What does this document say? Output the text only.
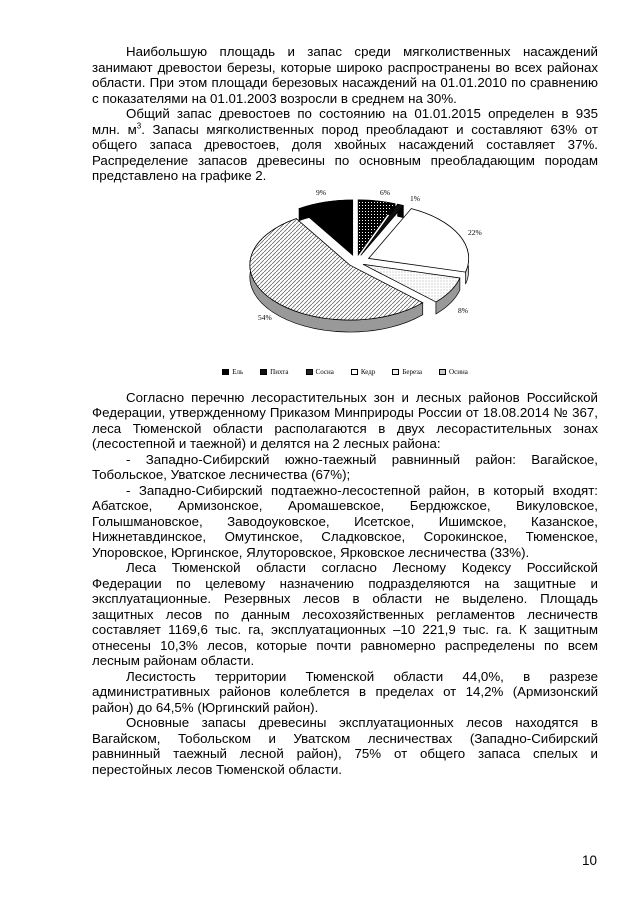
Наибольшую площадь и запас среди мягколиственных насаждений занимают древостои березы, которые широко распространены во всех районах области. При этом площади березовых насаждений на 01.01.2010 по сравнению с показателями на 01.01.2003 возросли в среднем на 30%.

Общий запас древостоев по состоянию на 01.01.2015 определен в 935 млн. $м^3$. Запасы мягколиственных пород преобладают и составляют 63% от общего запаса древостоев, доля хвойных насаждений составляет 37%. Распределение запасов древесины по основным преобладающим породам представлено на графике 2.

9%	6%
1%
22%
8%
54%
Ель	Пихта	Сосна	Кедр	Береза	Осина

Согласно перечню лесорастительных зон и лесных районов Российской Федерации, утвержденному Приказом Минприроды России от 18.08.2014 № 367, леса Тюменской области располагаются в двух лесорастительных зонах (лесостепной и таежной) и делятся на 2 лесных района:

- Западно-Сибирский южно-таежный равнинный район: Вагайское, Тобольское, Уватское лесничества (67%);

- Западно-Сибирский подтаежно-лесостепной район, в который входят: Абатское, Армизонское, Аромашевское, Бердюжское, Викуловское, Голышмановское, Заводоуковское, Исетское, Ишимское, Казанское, Нижнетавдинское, Омутинское, Сладковское, Сорокинское, Тюменское, Упоровское, Юргинское, Ялуторовское, Ярковское лесничества (33%).

Леса Тюменской области согласно Лесному Кодексу Российской Федерации по целевому назначению подразделяются на защитные и эксплуатационные. Резервных лесов в области не выделено. Площадь защитных лесов по данным лесохозяйственных регламентов лесничеств составляет 1169,6 тыс. га, эксплуатационных –10 221,9 тыс. га. К защитным отнесены 10,3% лесов, которые почти равномерно распределены по всем лесным районам области.

Лесистость территории Тюменской области 44,0%, в разрезе административных районов колеблется в пределах от 14,2% (Армизонский район) до 64,5% (Юргинский район).

Основные запасы древесины эксплуатационных лесов находятся в Вагайском, Тобольском и Уватском лесничествах (Западно-Сибирский равнинный таежный лесной район), 75% от общего запаса спелых и перестойных лесов Тюменской области.

10
